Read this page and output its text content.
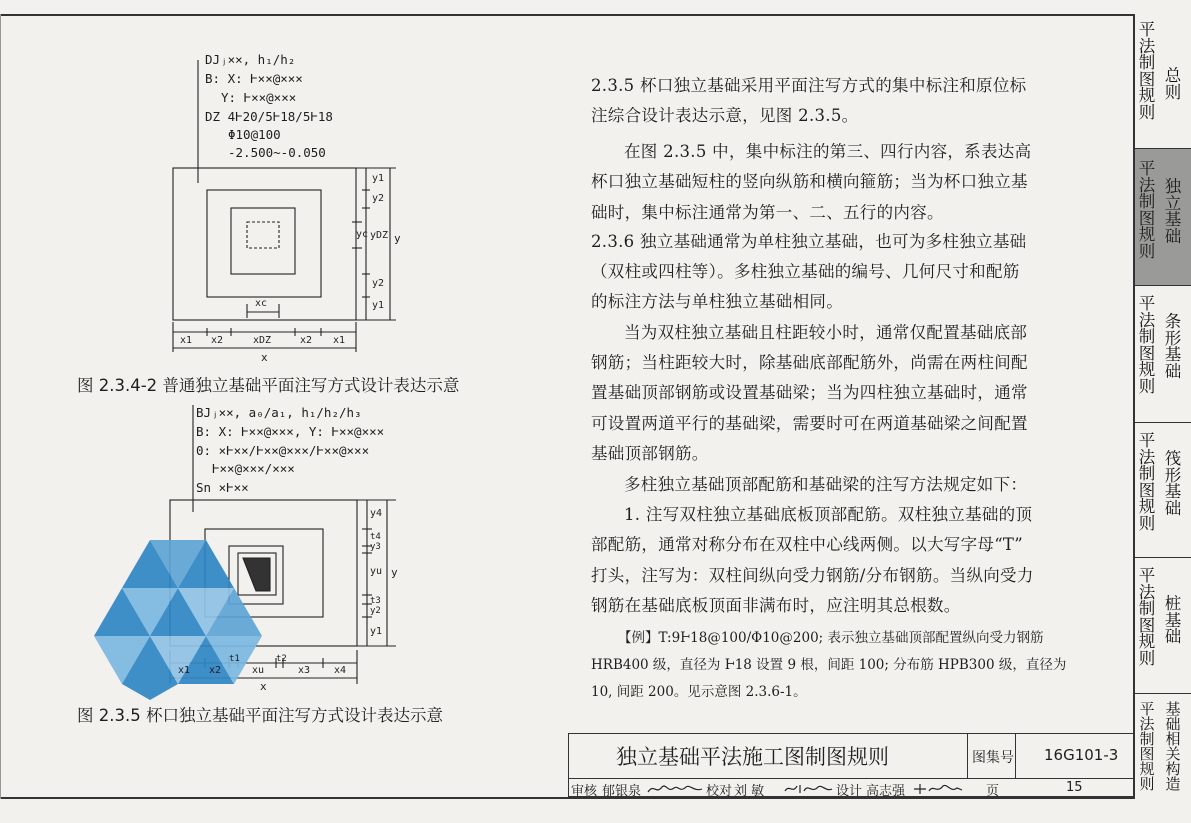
平
法
制
图
规
则
总
则
平
法
制
图
规
则
独
立
基
础
平
法
制
图
规
则
条
形
基
础
平
法
制
图
规
则
筏
形
基
础
平
法
制
图
规
则
桩
基
础
平
法
制
图
规
则
基
础
相
关
构
造
DJⱼ××, h₁/h₂
B: X: Ⱶ××@×××
Y: Ⱶ××@×××
DZ 4Ⱶ20/5Ⱶ18/5Ⱶ18
Φ10@100
-2.500~-0.050
y1
y2
yc yDZ
y2
y1
y
xc
x1 x2	xDZ	x2 x1
x
图 2.3.4-2 普通独立基础平面注写方式设计表达示意
BJⱼ××, a₀/a₁, h₁/h₂/h₃
B: X: Ⱶ××@×××, Y: Ⱶ××@×××
0: ×Ⱶ××/Ⱶ××@×××/Ⱶ××@×××
Ⱶ××@×××/×××
Sn ×Ⱶ××
y4
t4
y3
yu
t3
y2
y1
y
x1 x2
t1
xu
t2
x3 x4
x
图 2.3.5 杯口独立基础平面注写方式设计表达示意
2.3.5 杯口独立基础采用平面注写方式的集中标注和原位标
注综合设计表达示意，见图 2.3.5。
在图 2.3.5 中，集中标注的第三、四行内容，系表达高
杯口独立基础短柱的竖向纵筋和横向箍筋；当为杯口独立基
础时，集中标注通常为第一、二、五行的内容。
2.3.6 独立基础通常为单柱独立基础，也可为多柱独立基础
（双柱或四柱等）。多柱独立基础的编号、几何尺寸和配筋
的标注方法与单柱独立基础相同。
当为双柱独立基础且柱距较小时，通常仅配置基础底部
钢筋；当柱距较大时，除基础底部配筋外，尚需在两柱间配
置基础顶部钢筋或设置基础梁；当为四柱独立基础时，通常
可设置两道平行的基础梁，需要时可在两道基础梁之间配置
基础顶部钢筋。
多柱独立基础顶部配筋和基础梁的注写方法规定如下：
1. 注写双柱独立基础底板顶部配筋。双柱独立基础的顶
部配筋，通常对称分布在双柱中心线两侧。以大写字母“T”
打头，注写为：双柱间纵向受力钢筋/分布钢筋。当纵向受力
钢筋在基础底板顶面非满布时，应注明其总根数。
【例】T:9Ⱶ18@100/Φ10@200; 表示独立基础顶部配置纵向受力钢筋
HRB400 级，直径为 Ⱶ18 设置 9 根，间距 100; 分布筋 HPB300 级，直径为
10, 间距 200。见示意图 2.3.6-1。
独立基础平法施工图制图规则	图集号 16G101-3
审核 郁银泉	校对 刘 敏	设计 高志强	页	15
